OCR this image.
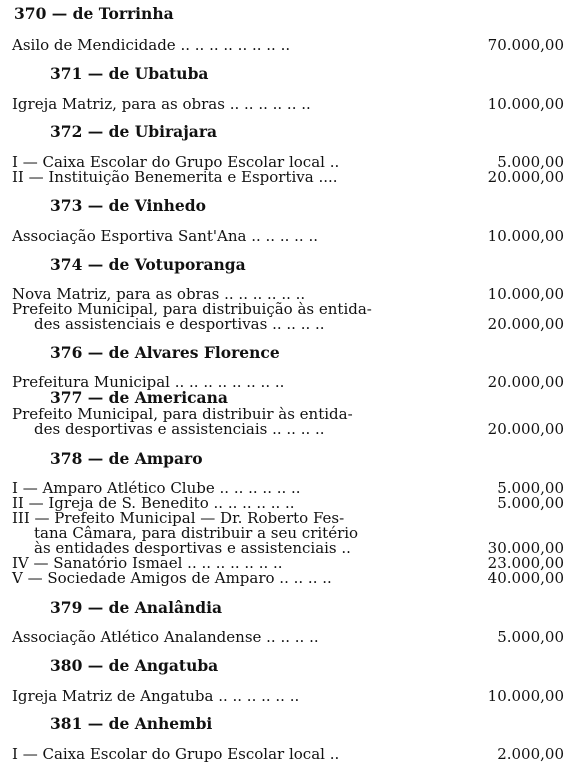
370 — de Torrinha
Asilo de Mendicidade .. .. .. .. .. .. .. ..	70.000,00
371 — de Ubatuba
Igreja Matriz, para as obras .. .. .. .. .. ..	10.000,00
372 — de Ubirajara
I — Caixa Escolar do Grupo Escolar local ..	5.000,00
II — Instituição Benemerita e Esportiva ....	20.000,00
373 — de Vinhedo
Associação Esportiva Sant'Ana .. .. .. .. ..	10.000,00
374 — de Votuporanga
Nova Matriz, para as obras .. .. .. .. .. ..	10.000,00
Prefeito Municipal, para distribuição às entida-
des assistenciais e desportivas .. .. .. ..	20.000,00
376 — de Alvares Florence
Prefeitura Municipal .. .. .. .. .. .. .. ..	20.000,00
377 — de Americana
Prefeito Municipal, para distribuir às entida-
des desportivas e assistenciais .. .. .. ..	20.000,00
378 — de Amparo
I — Amparo Atlético Clube .. .. .. .. .. ..	5.000,00
II — Igreja de S. Benedito .. .. .. .. .. ..	5.000,00
III — Prefeito Municipal — Dr. Roberto Fes-
tana Câmara, para distribuir a seu critério
às entidades desportivas e assistenciais ..	30.000,00
IV — Sanatório Ismael .. .. .. .. .. .. ..	23.000,00
V — Sociedade Amigos de Amparo .. .. .. ..	40.000,00
379 — de Analândia
Associação Atlético Analandense .. .. .. ..	5.000,00
380 — de Angatuba
Igreja Matriz de Angatuba .. .. .. .. .. ..	10.000,00
381 — de Anhembi
I — Caixa Escolar do Grupo Escolar local ..	2.000,00
